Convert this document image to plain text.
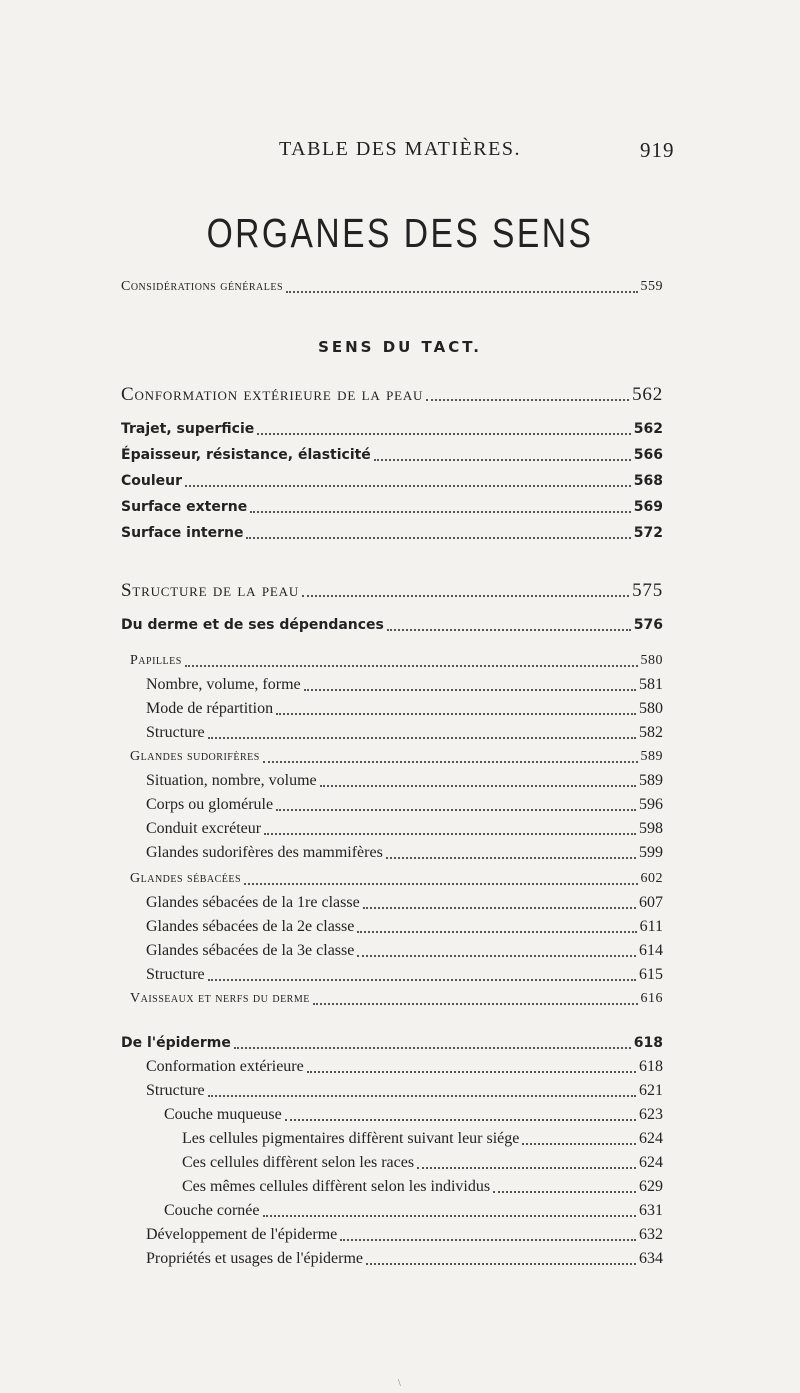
TABLE DES MATIÈRES.	919
ORGANES DES SENS
SENS DU TACT.
Considérations générales	559
Conformation extérieure de la peau	562
Trajet, superficie	562
Épaisseur, résistance, élasticité	566
Couleur	568
Surface externe	569
Surface interne	572
Structure de la peau	575
Du derme et de ses dépendances	576
Papilles	580
Nombre, volume, forme	581
Mode de répartition	580
Structure	582
Glandes sudorifères	589
Situation, nombre, volume	589
Corps ou glomérule	596
Conduit excréteur	598
Glandes sudorifères des mammifères	599
Glandes sébacées	602
Glandes sébacées de la 1re classe	607
Glandes sébacées de la 2e classe	611
Glandes sébacées de la 3e classe	614
Structure	615
Vaisseaux et nerfs du derme	616
De l'épiderme	618
Conformation extérieure	618
Structure	621
Couche muqueuse	623
Les cellules pigmentaires diffèrent suivant leur siége	624
Ces cellules diffèrent selon les races	624
Ces mêmes cellules diffèrent selon les individus	629
Couche cornée	631
Développement de l'épiderme	632
Propriétés et usages de l'épiderme	634
\
